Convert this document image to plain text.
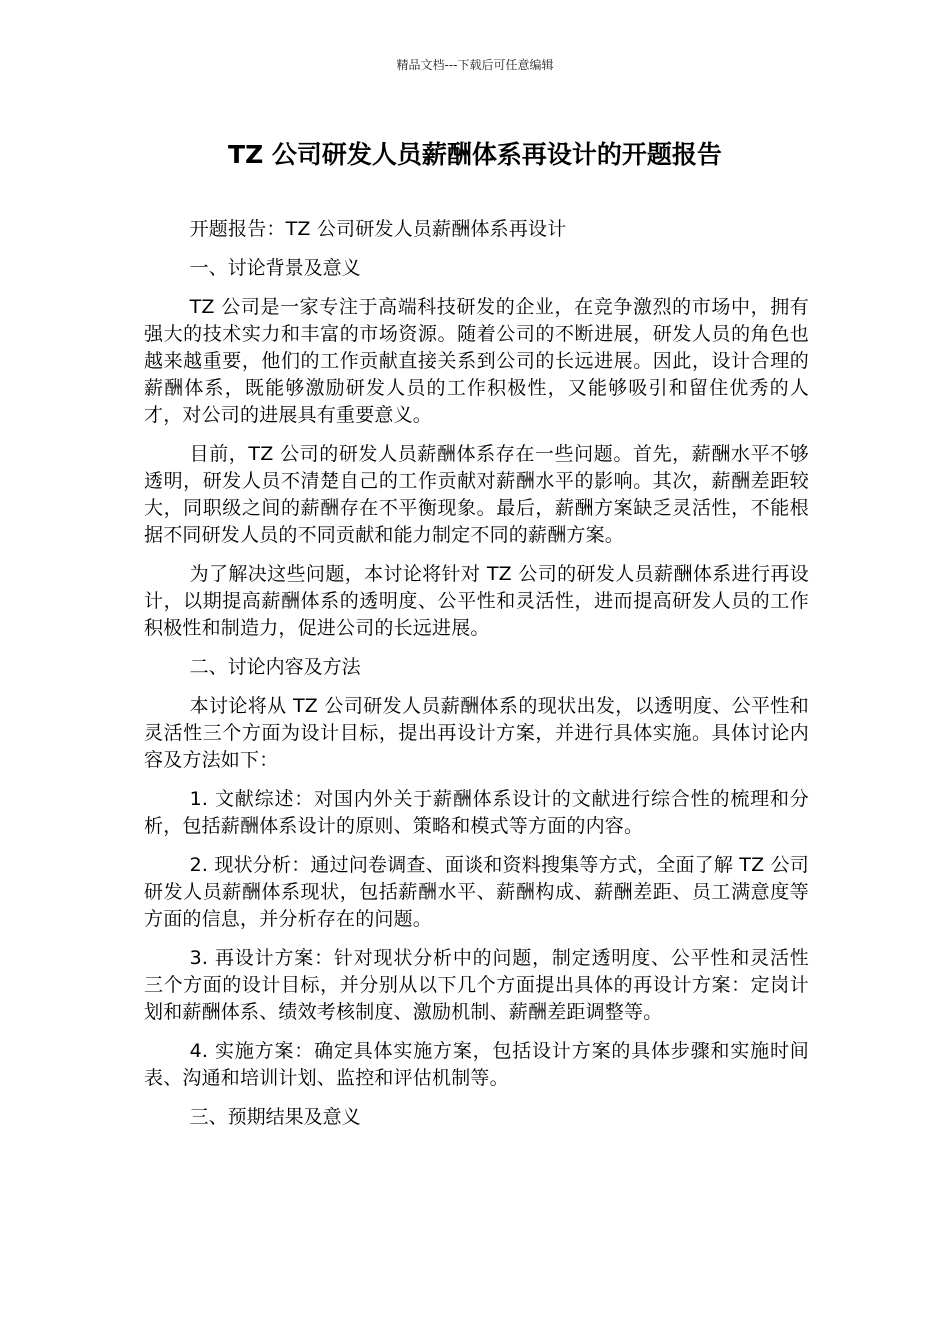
精品文档---下载后可任意编辑
TZ 公司研发人员薪酬体系再设计的开题报告

开题报告：TZ 公司研发人员薪酬体系再设计

一、讨论背景及意义

TZ 公司是一家专注于高端科技研发的企业，在竞争激烈的市场中，拥有强大的技术实力和丰富的市场资源。随着公司的不断进展，研发人员的角色也越来越重要，他们的工作贡献直接关系到公司的长远进展。因此，设计合理的薪酬体系，既能够激励研发人员的工作积极性，又能够吸引和留住优秀的人才，对公司的进展具有重要意义。

目前，TZ 公司的研发人员薪酬体系存在一些问题。首先，薪酬水平不够透明，研发人员不清楚自己的工作贡献对薪酬水平的影响。其次，薪酬差距较大，同职级之间的薪酬存在不平衡现象。最后，薪酬方案缺乏灵活性，不能根据不同研发人员的不同贡献和能力制定不同的薪酬方案。

为了解决这些问题，本讨论将针对 TZ 公司的研发人员薪酬体系进行再设计，以期提高薪酬体系的透明度、公平性和灵活性，进而提高研发人员的工作积极性和制造力，促进公司的长远进展。

二、讨论内容及方法

本讨论将从 TZ 公司研发人员薪酬体系的现状出发，以透明度、公平性和灵活性三个方面为设计目标，提出再设计方案，并进行具体实施。具体讨论内容及方法如下：

1. 文献综述：对国内外关于薪酬体系设计的文献进行综合性的梳理和分析，包括薪酬体系设计的原则、策略和模式等方面的内容。

2. 现状分析：通过问卷调查、面谈和资料搜集等方式，全面了解 TZ 公司研发人员薪酬体系现状，包括薪酬水平、薪酬构成、薪酬差距、员工满意度等方面的信息，并分析存在的问题。

3. 再设计方案：针对现状分析中的问题，制定透明度、公平性和灵活性三个方面的设计目标，并分别从以下几个方面提出具体的再设计方案：定岗计划和薪酬体系、绩效考核制度、激励机制、薪酬差距调整等。

4. 实施方案：确定具体实施方案，包括设计方案的具体步骤和实施时间表、沟通和培训计划、监控和评估机制等。

三、预期结果及意义
